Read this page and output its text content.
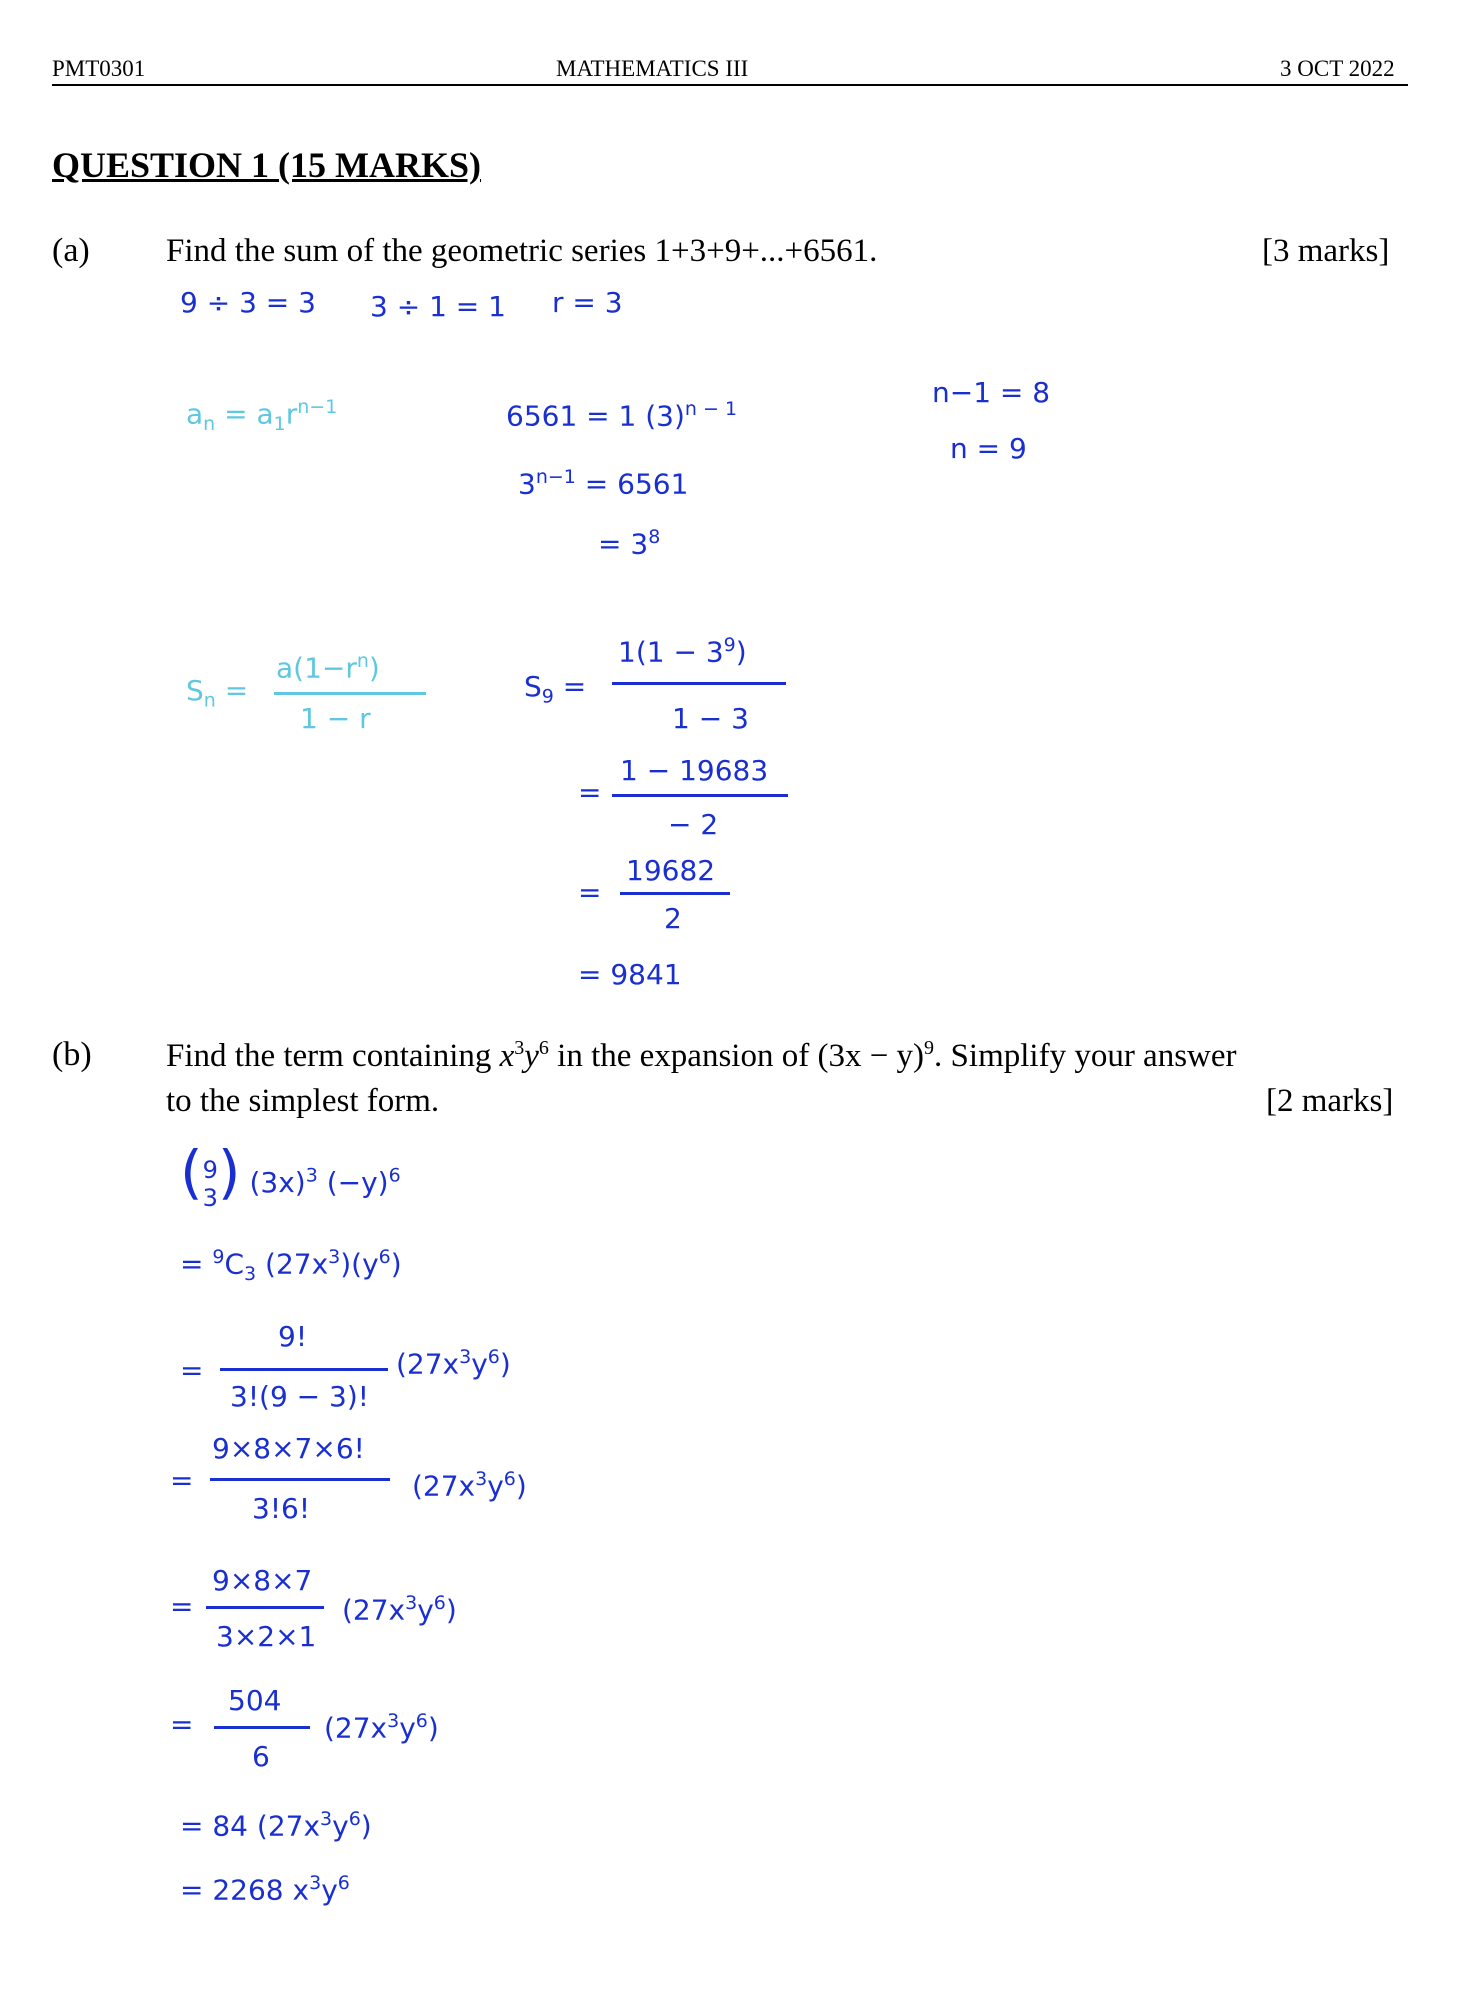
PMT0301	MATHEMATICS III	3 OCT 2022
QUESTION 1 (15 MARKS)
(a) Find the sum of the geometric series 1+3+9+...+6561.	[3 marks]
9 ÷ 3 = 3 3 ÷ 1 = 1 r = 3
$a_n = a_1r^{n-1}$	6561 = 1 $(3)^{n - 1}$
$3^{n-1} = 6561$
= $3^8$
n−1 = 8
n = 9
$S_n$ =
$a(1-r^n)$
1 − r
$S_9$ =
$1(1 - 3^9)$
1 − 3
=
1 − 19683
− 2
=
19682
2
= 9841
(b) Find the term containing $x^3y^6$ in the expansion of $(3x - y)^9$. Simplify your answer
to the simplest form.	[2 marks]
(9
3) $(3x)^3$ $(-y)^6$
= $^9C_3$ $(27x^3)(y^6)$
=
9!
3!(9 − 3)!
$(27x^3y^6)$
=
9×8×7×6!
3!6!
$(27x^3y^6)$
=
9×8×7
3×2×1
$(27x^3y^6)$
=
504
6
$(27x^3y^6)$
= 84 $(27x^3y^6)$
= 2268 $x^3y^6$
